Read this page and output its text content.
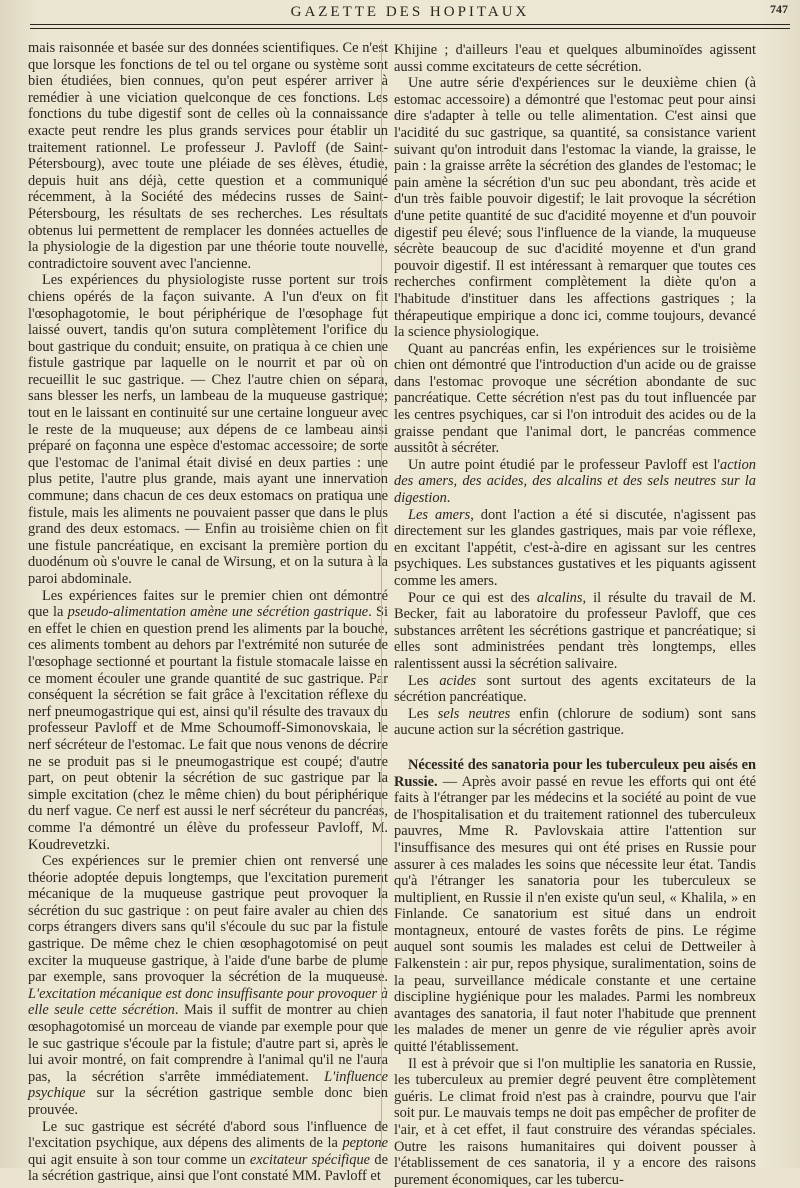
GAZETTE DES HOPITAUX	747

mais raisonnée et basée sur des données scientifiques. Ce n'est que lorsque les fonctions de tel ou tel organe ou système sont bien étudiées, bien connues, qu'on peut espérer arriver à remédier à une viciation quelconque de ces fonctions. Les fonctions du tube digestif sont de celles où la connaissance exacte peut rendre les plus grands services pour établir un traitement rationnel. Le professeur J. Pavloff (de Saint-Pétersbourg), avec toute une pléiade de ses élèves, étudie, depuis huit ans déjà, cette question et a communiqué récemment, à la Société des médecins russes de Saint-Pétersbourg, les résultats de ses recherches. Les résultats obtenus lui permettent de remplacer les données actuelles de la physiologie de la digestion par une théorie toute nouvelle, contradictoire souvent avec l'ancienne.

Les expériences du physiologiste russe portent sur trois chiens opérés de la façon suivante. A l'un d'eux on fit l'œsophagotomie, le bout périphérique de l'œsophage fut laissé ouvert, tandis qu'on sutura complètement l'orifice du bout gastrique du conduit; ensuite, on pratiqua à ce chien une fistule gastrique par laquelle on le nourrit et par où on recueillit le suc gastrique. — Chez l'autre chien on sépara, sans blesser les nerfs, un lambeau de la muqueuse gastrique; tout en le laissant en continuité sur une certaine longueur avec le reste de la muqueuse; aux dépens de ce lambeau ainsi préparé on façonna une espèce d'estomac accessoire; de sorte que l'estomac de l'animal était divisé en deux parties : une plus petite, l'autre plus grande, mais ayant une innervation commune; dans chacun de ces deux estomacs on pratiqua une fistule, mais les aliments ne pouvaient passer que dans le plus grand des deux estomacs. — Enfin au troisième chien on fit une fistule pancréatique, en excisant la première portion du duodénum où s'ouvre le canal de Wirsung, et on la sutura à la paroi abdominale.

Les expériences faites sur le premier chien ont démontré que la pseudo-alimentation amène une sécrétion gastrique. Si en effet le chien en question prend les aliments par la bouche, ces aliments tombent au dehors par l'extrémité non suturée de l'œsophage sectionné et pourtant la fistule stomacale laisse en ce moment écouler une grande quantité de suc gastrique. Par conséquent la sécrétion se fait grâce à l'excitation réflexe du nerf pneumogastrique qui est, ainsi qu'il résulte des travaux du professeur Pavloff et de Mme Schoumoff-Simonovskaia, le nerf sécréteur de l'estomac. Le fait que nous venons de décrire ne se produit pas si le pneumogastrique est coupé; d'autre part, on peut obtenir la sécrétion de suc gastrique par la simple excitation (chez le même chien) du bout périphérique du nerf vague. Ce nerf est aussi le nerf sécréteur du pancréas, comme l'a démontré un élève du professeur Pavloff, M. Koudrevetzki.

Ces expériences sur le premier chien ont renversé une théorie adoptée depuis longtemps, que l'excitation purement mécanique de la muqueuse gastrique peut provoquer la sécrétion du suc gastrique : on peut faire avaler au chien des corps étrangers divers sans qu'il s'écoule du suc par la fistule gastrique. De même chez le chien œsophagotomisé on peut exciter la muqueuse gastrique, à l'aide d'une barbe de plume par exemple, sans provoquer la sécrétion de la muqueuse. L'excitation mécanique est donc insuffisante pour provoquer à elle seule cette sécrétion. Mais il suffit de montrer au chien œsophagotomisé un morceau de viande par exemple pour que le suc gastrique s'écoule par la fistule; d'autre part si, après le lui avoir montré, on fait comprendre à l'animal qu'il ne l'aura pas, la sécrétion s'arrête immédiatement. L'influence psychique sur la sécrétion gastrique semble donc bien prouvée.

Le suc gastrique est sécrété d'abord sous l'influence de l'excitation psychique, aux dépens des aliments de la peptone qui agit ensuite à son tour comme un excitateur spécifique de la sécrétion gastrique, ainsi que l'ont constaté MM. Pavloff et

Khijine ; d'ailleurs l'eau et quelques albuminoïdes agissent aussi comme excitateurs de cette sécrétion.

Une autre série d'expériences sur le deuxième chien (à estomac accessoire) a démontré que l'estomac peut pour ainsi dire s'adapter à telle ou telle alimentation. C'est ainsi que l'acidité du suc gastrique, sa quantité, sa consistance varient suivant qu'on introduit dans l'estomac la viande, la graisse, le pain : la graisse arrête la sécrétion des glandes de l'estomac; le pain amène la sécrétion d'un suc peu abondant, très acide et d'un très faible pouvoir digestif; le lait provoque la sécrétion d'une petite quantité de suc d'acidité moyenne et d'un pouvoir digestif peu élevé; sous l'influence de la viande, la muqueuse sécrète beaucoup de suc d'acidité moyenne et d'un grand pouvoir digestif. Il est intéressant à remarquer que toutes ces recherches confirment complètement la diète qu'on a l'habitude d'instituer dans les affections gastriques ; la thérapeutique empirique a donc ici, comme toujours, devancé la science physiologique.

Quant au pancréas enfin, les expériences sur le troisième chien ont démontré que l'introduction d'un acide ou de graisse dans l'estomac provoque une sécrétion abondante de suc pancréatique. Cette sécrétion n'est pas du tout influencée par les centres psychiques, car si l'on introduit des acides ou de la graisse pendant que l'animal dort, le pancréas commence aussitôt à sécréter.

Un autre point étudié par le professeur Pavloff est l'action des amers, des acides, des alcalins et des sels neutres sur la digestion.

Les amers, dont l'action a été si discutée, n'agissent pas directement sur les glandes gastriques, mais par voie réflexe, en excitant l'appétit, c'est-à-dire en agissant sur les centres psychiques. Les substances gustatives et les piquants agissent comme les amers.

Pour ce qui est des alcalins, il résulte du travail de M. Becker, fait au laboratoire du professeur Pavloff, que ces substances arrêtent les sécrétions gastrique et pancréatique; si elles sont administrées pendant très longtemps, elles ralentissent aussi la sécrétion salivaire.

Les acides sont surtout des agents excitateurs de la sécrétion pancréatique.

Les sels neutres enfin (chlorure de sodium) sont sans aucune action sur la sécrétion gastrique.

Nécessité des sanatoria pour les tuberculeux peu aisés en Russie. — Après avoir passé en revue les efforts qui ont été faits à l'étranger par les médecins et la société au point de vue de l'hospitalisation et du traitement rationnel des tuberculeux pauvres, Mme R. Pavlovskaia attire l'attention sur l'insuffisance des mesures qui ont été prises en Russie pour assurer à ces malades les soins que nécessite leur état. Tandis qu'à l'étranger les sanatoria pour les tuberculeux se multiplient, en Russie il n'en existe qu'un seul, « Khalila, » en Finlande. Ce sanatorium est situé dans un endroit montagneux, entouré de vastes forêts de pins. Le régime auquel sont soumis les malades est celui de Dettweiler à Falkenstein : air pur, repos physique, suralimentation, soins de la peau, surveillance médicale constante et une certaine discipline hygiénique pour les malades. Parmi les nombreux avantages des sanatoria, il faut noter l'habitude que prennent les malades de mener un genre de vie régulier après avoir quitté l'établissement.

Il est à prévoir que si l'on multiplie les sanatoria en Russie, les tuberculeux au premier degré peuvent être complètement guéris. Le climat froid n'est pas à craindre, pourvu que l'air soit pur. Le mauvais temps ne doit pas empêcher de profiter de l'air, et à cet effet, il faut construire des vérandas spéciales. Outre les raisons humanitaires qui doivent pousser à l'établissement de ces sanatoria, il y a encore des raisons purement économiques, car les tubercu-
